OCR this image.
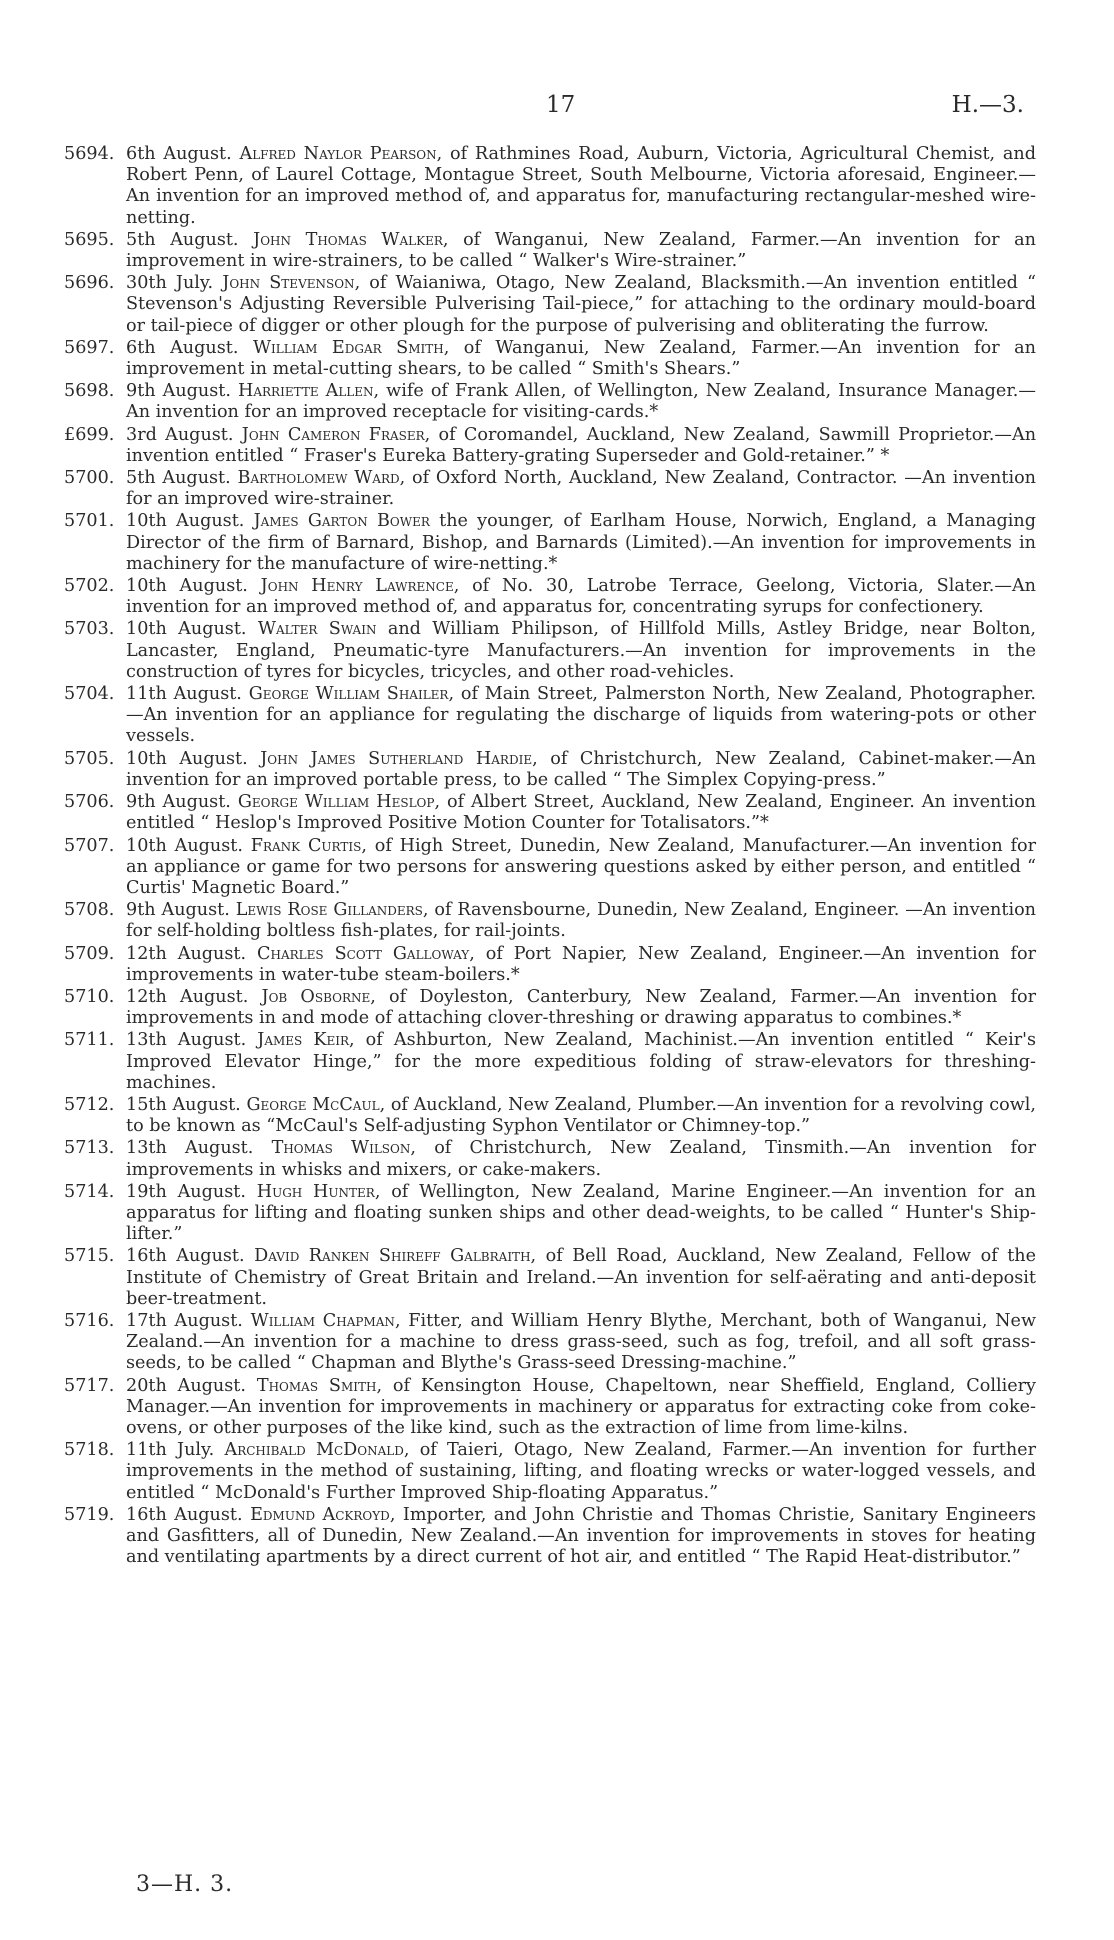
17	H.—3.
5694. 6th August. Alfred Naylor Pearson, of Rathmines Road, Auburn, Victoria, Agricultural Chemist, and Robert Penn, of Laurel Cottage, Montague Street, South Melbourne, Victoria aforesaid, Engineer.—An invention for an improved method of, and apparatus for, manufacturing rectangular-meshed wire-netting.
5695. 5th August. John Thomas Walker, of Wanganui, New Zealand, Farmer.—An invention for an improvement in wire-strainers, to be called “ Walker's Wire-strainer.”
5696. 30th July. John Stevenson, of Waianiwa, Otago, New Zealand, Blacksmith.—An invention entitled “ Stevenson's Adjusting Reversible Pulverising Tail-piece,” for attaching to the ordinary mould-board or tail-piece of digger or other plough for the purpose of pulverising and obliterating the furrow.
5697. 6th August. William Edgar Smith, of Wanganui, New Zealand, Farmer.—An invention for an improvement in metal-cutting shears, to be called “ Smith's Shears.”
5698. 9th August. Harriette Allen, wife of Frank Allen, of Wellington, New Zealand, Insurance Manager.—An invention for an improved receptacle for visiting-cards.*
£699. 3rd August. John Cameron Fraser, of Coromandel, Auckland, New Zealand, Sawmill Proprietor.—An invention entitled “ Fraser's Eureka Battery-grating Superseder and Gold-retainer.” *
5700. 5th August. Bartholomew Ward, of Oxford North, Auckland, New Zealand, Contractor. —An invention for an improved wire-strainer.
5701. 10th August. James Garton Bower the younger, of Earlham House, Norwich, England, a Managing Director of the firm of Barnard, Bishop, and Barnards (Limited).—An invention for improvements in machinery for the manufacture of wire-netting.*
5702. 10th August. John Henry Lawrence, of No. 30, Latrobe Terrace, Geelong, Victoria, Slater.—An invention for an improved method of, and apparatus for, concentrating syrups for confectionery.
5703. 10th August. Walter Swain and William Philipson, of Hillfold Mills, Astley Bridge, near Bolton, Lancaster, England, Pneumatic-tyre Manufacturers.—An invention for improvements in the construction of tyres for bicycles, tricycles, and other road-vehicles.
5704. 11th August. George William Shailer, of Main Street, Palmerston North, New Zealand, Photographer.—An invention for an appliance for regulating the discharge of liquids from watering-pots or other vessels.
5705. 10th August. John James Sutherland Hardie, of Christchurch, New Zealand, Cabinet-maker.—An invention for an improved portable press, to be called “ The Simplex Copying-press.”
5706. 9th August. George William Heslop, of Albert Street, Auckland, New Zealand, Engineer. An invention entitled “ Heslop's Improved Positive Motion Counter for Totalisators.”*
5707. 10th August. Frank Curtis, of High Street, Dunedin, New Zealand, Manufacturer.—An invention for an appliance or game for two persons for answering questions asked by either person, and entitled “ Curtis' Magnetic Board.”
5708. 9th August. Lewis Rose Gillanders, of Ravensbourne, Dunedin, New Zealand, Engineer. —An invention for self-holding boltless fish-plates, for rail-joints.
5709. 12th August. Charles Scott Galloway, of Port Napier, New Zealand, Engineer.—An invention for improvements in water-tube steam-boilers.*
5710. 12th August. Job Osborne, of Doyleston, Canterbury, New Zealand, Farmer.—An invention for improvements in and mode of attaching clover-threshing or drawing apparatus to combines.*
5711. 13th August. James Keir, of Ashburton, New Zealand, Machinist.—An invention entitled “ Keir's Improved Elevator Hinge,” for the more expeditious folding of straw-elevators for threshing-machines.
5712. 15th August. George McCaul, of Auckland, New Zealand, Plumber.—An invention for a revolving cowl, to be known as “McCaul's Self-adjusting Syphon Ventilator or Chimney-top.”
5713. 13th August. Thomas Wilson, of Christchurch, New Zealand, Tinsmith.—An invention for improvements in whisks and mixers, or cake-makers.
5714. 19th August. Hugh Hunter, of Wellington, New Zealand, Marine Engineer.—An invention for an apparatus for lifting and floating sunken ships and other dead-weights, to be called “ Hunter's Ship-lifter.”
5715. 16th August. David Ranken Shireff Galbraith, of Bell Road, Auckland, New Zealand, Fellow of the Institute of Chemistry of Great Britain and Ireland.—An invention for self-aërating and anti-deposit beer-treatment.
5716. 17th August. William Chapman, Fitter, and William Henry Blythe, Merchant, both of Wanganui, New Zealand.—An invention for a machine to dress grass-seed, such as fog, trefoil, and all soft grass-seeds, to be called “ Chapman and Blythe's Grass-seed Dressing-machine.”
5717. 20th August. Thomas Smith, of Kensington House, Chapeltown, near Sheffield, England, Colliery Manager.—An invention for improvements in machinery or apparatus for extracting coke from coke-ovens, or other purposes of the like kind, such as the extraction of lime from lime-kilns.
5718. 11th July. Archibald McDonald, of Taieri, Otago, New Zealand, Farmer.—An invention for further improvements in the method of sustaining, lifting, and floating wrecks or water-logged vessels, and entitled “ McDonald's Further Improved Ship-floating Apparatus.”
5719. 16th August. Edmund Ackroyd, Importer, and John Christie and Thomas Christie, Sanitary Engineers and Gasfitters, all of Dunedin, New Zealand.—An invention for improvements in stoves for heating and ventilating apartments by a direct current of hot air, and entitled “ The Rapid Heat-distributor.”
3—H. 3.
